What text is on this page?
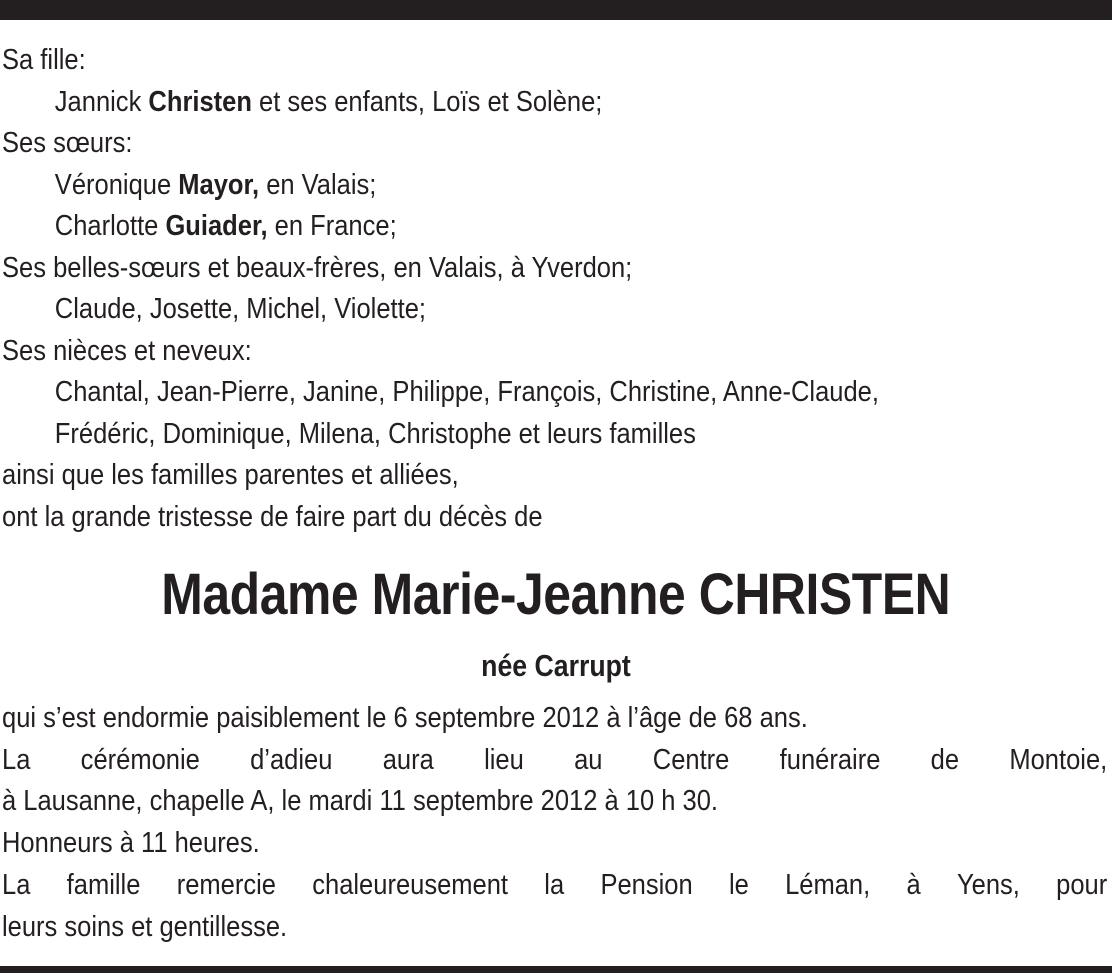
Sa fille:
Jannick Christen et ses enfants, Loïs et Solène;
Ses sœurs:
Véronique Mayor, en Valais;
Charlotte Guiader, en France;
Ses belles-sœurs et beaux-frères, en Valais, à Yverdon;
Claude, Josette, Michel, Violette;
Ses nièces et neveux:
Chantal, Jean-Pierre, Janine, Philippe, François, Christine, Anne-Claude,
Frédéric, Dominique, Milena, Christophe et leurs familles
ainsi que les familles parentes et alliées,
ont la grande tristesse de faire part du décès de
Madame Marie-Jeanne CHRISTEN
née Carrupt
qui s’est endormie paisiblement le 6 septembre 2012 à l’âge de 68 ans.
La cérémonie d’adieu aura lieu au Centre funéraire de Montoie,
à Lausanne, chapelle A, le mardi 11 septembre 2012 à 10 h 30.
Honneurs à 11 heures.
La famille remercie chaleureusement la Pension le Léman, à Yens, pour
leurs soins et gentillesse.
